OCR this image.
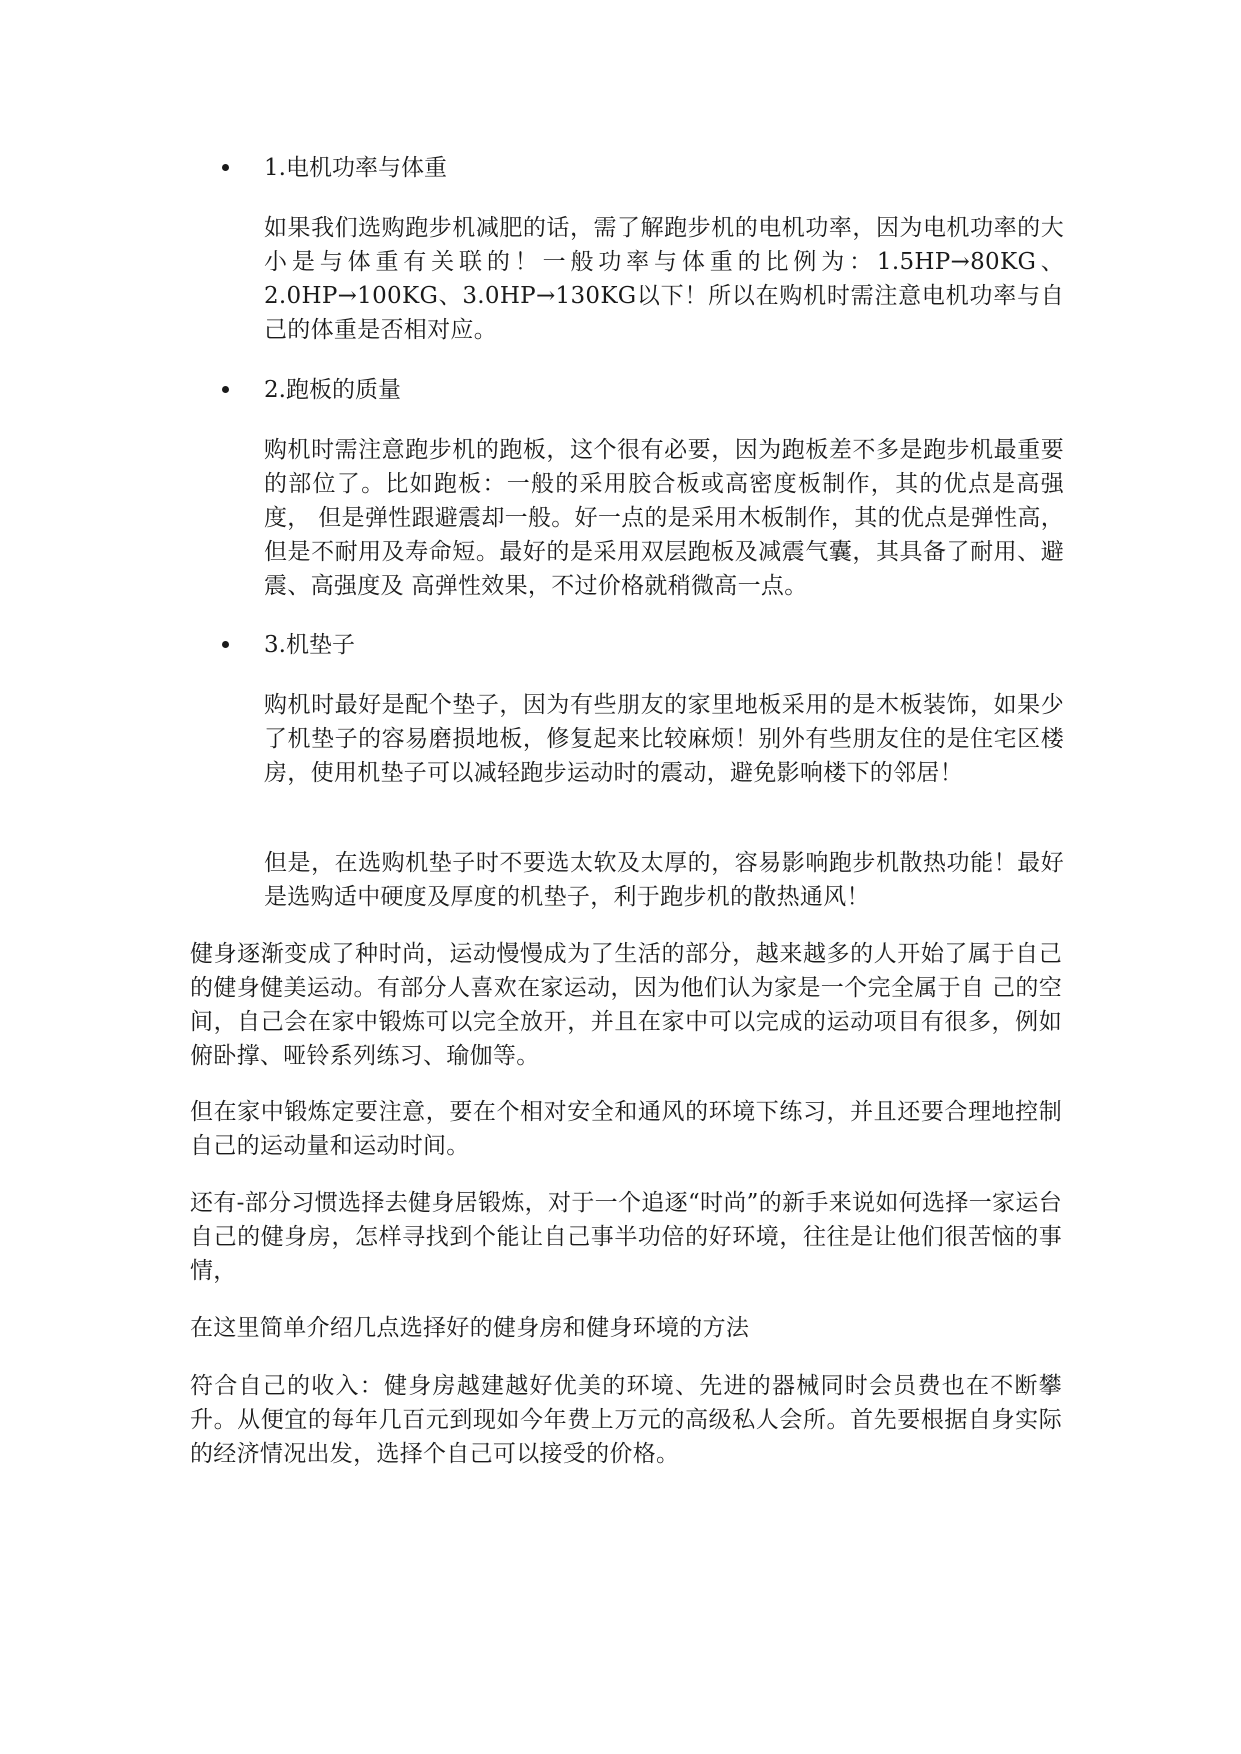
1.电机功率与体重
如果我们选购跑步机减肥的话，需了解跑步机的电机功率，因为电机功率的大小是与体重有关联的！一般功率与体重的比例为：1.5HP→80KG、2.0HP→100KG、3.0HP→130KG以下！所以在购机时需注意电机功率与自己的体重是否相对应。
2.跑板的质量
购机时需注意跑步机的跑板，这个很有必要，因为跑板差不多是跑步机最重要的部位了。比如跑板：一般的采用胶合板或高密度板制作，其的优点是高强度， 但是弹性跟避震却一般。好一点的是采用木板制作，其的优点是弹性高，但是不耐用及寿命短。最好的是采用双层跑板及减震气囊，其具备了耐用、避震、高强度及 高弹性效果，不过价格就稍微高一点。
3.机垫子
购机时最好是配个垫子，因为有些朋友的家里地板采用的是木板装饰，如果少了机垫子的容易磨损地板，修复起来比较麻烦！别外有些朋友住的是住宅区楼房，使用机垫子可以减轻跑步运动时的震动，避免影响楼下的邻居！
但是，在选购机垫子时不要选太软及太厚的，容易影响跑步机散热功能！最好是选购适中硬度及厚度的机垫子，利于跑步机的散热通风！
健身逐渐变成了种时尚，运动慢慢成为了生活的部分，越来越多的人开始了属于自己的健身健美运动。有部分人喜欢在家运动，因为他们认为家是一个完全属于自 己的空间，自己会在家中锻炼可以完全放开，并且在家中可以完成的运动项目有很多，例如俯卧撑、哑铃系列练习、瑜伽等。
但在家中锻炼定要注意，要在个相对安全和通风的环境下练习，并且还要合理地控制自己的运动量和运动时间。
还有-部分习惯选择去健身居锻炼，对于一个追逐“时尚”的新手来说如何选择一家运台自己的健身房，怎样寻找到个能让自己事半功倍的好环境，往往是让他们很苦恼的事情，
在这里简单介绍几点选择好的健身房和健身环境的方法
符合自己的收入：健身房越建越好优美的环境、先进的器械同时会员费也在不断攀升。从便宜的每年几百元到现如今年费上万元的高级私人会所。首先要根据自身实际的经济情况出发，选择个自己可以接受的价格。
